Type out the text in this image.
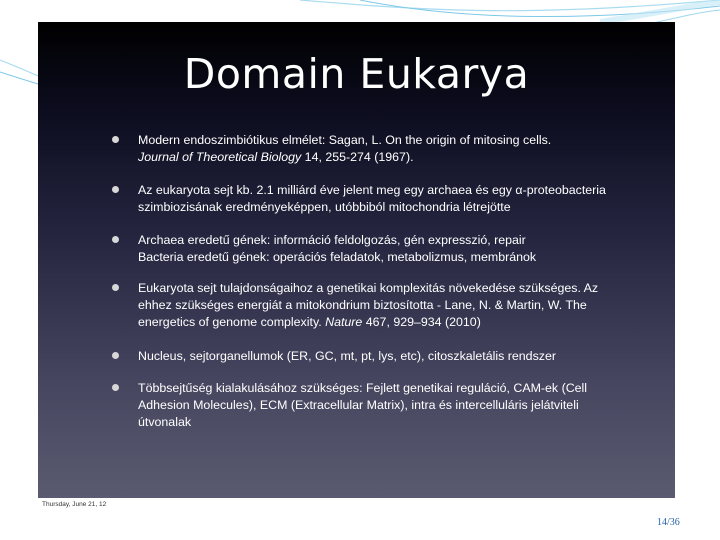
Domain Eukarya
Modern endoszimbiótikus elmélet: Sagan, L. On the origin of mitosing cells.
Journal of Theoretical Biology 14, 255-274 (1967).
Az eukaryota sejt kb. 2.1 milliárd éve jelent meg egy archaea és egy α-proteobacteria szimbiozisának eredményeképpen, utóbbiból mitochondria létrejötte
Archaea eredetű gének: információ feldolgozás, gén expresszió, repair
Bacteria eredetű gének: operációs feladatok, metabolizmus, membránok
Eukaryota sejt tulajdonságaihoz a genetikai komplexitás növekedése szükséges. Az ehhez szükséges energiát a mitokondrium biztosította - Lane, N. & Martin, W. The energetics of genome complexity. Nature 467, 929–934 (2010)
Nucleus, sejtorganellumok (ER, GC, mt, pt, lys, etc), citoszkaletális rendszer
Többsejtűség kialakulásához szükséges: Fejlett genetikai reguláció, CAM-ek (Cell Adhesion Molecules), ECM (Extracellular Matrix), intra és intercelluláris jelátviteli útvonalak
Thursday, June 21, 12
14/36
